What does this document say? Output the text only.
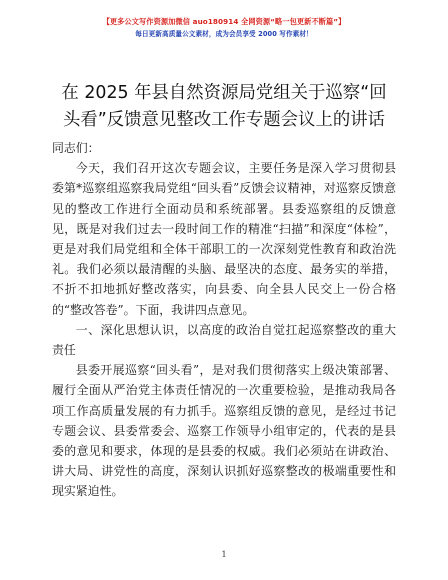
【更多公文写作资源加微信 auo180914 全网资源“略一包更新不断篇”】
每日更新高质量公文素材，成为会员享受 2000 写作素材！
在 2025 年县自然资源局党组关于巡察“回头看”反馈意见整改工作专题会议上的讲话

同志们：

今天，我们召开这次专题会议，主要任务是深入学习贯彻县委第*巡察组巡察我局党组“回头看”反馈会议精神，对巡察反馈意见的整改工作进行全面动员和系统部署。县委巡察组的反馈意见，既是对我们过去一段时间工作的精准“扫描”和深度“体检”，更是对我们局党组和全体干部职工的一次深刻党性教育和政治洗礼。我们必须以最清醒的头脑、最坚决的态度、最务实的举措，不折不扣地抓好整改落实，向县委、向全县人民交上一份合格的“整改答卷”。下面，我讲四点意见。

一、深化思想认识，以高度的政治自觉扛起巡察整改的重大责任

县委开展巡察“回头看”，是对我们贯彻落实上级决策部署、履行全面从严治党主体责任情况的一次重要检验，是推动我局各项工作高质量发展的有力抓手。巡察组反馈的意见，是经过书记专题会议、县委常委会、巡察工作领导小组审定的，代表的是县委的意见和要求，体现的是县委的权威。我们必须站在讲政治、讲大局、讲党性的高度，深刻认识抓好巡察整改的极端重要性和现实紧迫性。

1
